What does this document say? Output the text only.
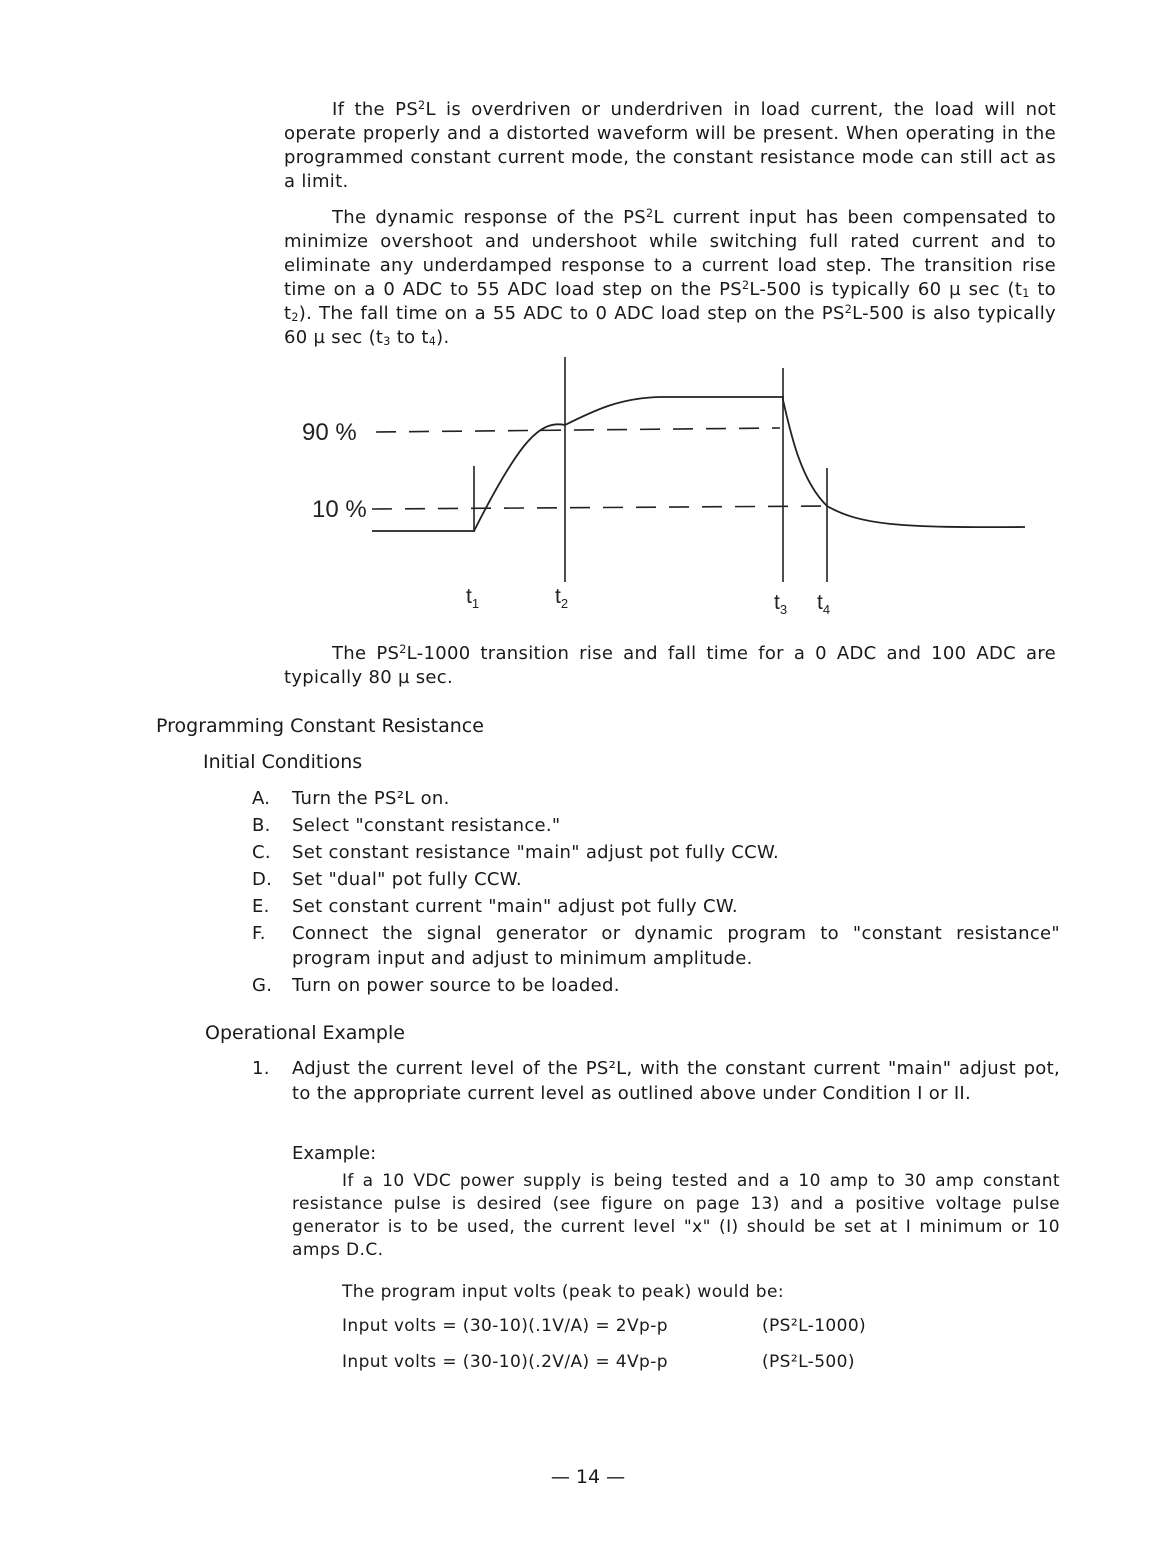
If the $PS^2L$ is overdriven or underdriven in load current, the load will not operate properly and a distorted waveform will be present. When operating in the programmed constant current mode, the constant resistance mode can still act as a limit.

The dynamic response of the $PS^2L$ current input has been compensated to minimize overshoot and undershoot while switching full rated current and to eliminate any underdamped response to a current load step. The transition rise time on a 0 ADC to 55 ADC load step on the $PS^2L-500$ is typically 60 µ $\sec (t_1$ to $t_2$). The fall time on a 55 ADC to 0 ADC load step on the $PS^2L-500$ is also typically 60 µ $\sec (t_3$ to $t_4$).

90 %
10 %
$t_1$	$t_2$	$t_3$ $t_4$

The $PS^2L-1000$ transition rise and fall time for a 0 ADC and 100 ADC are typically 80 µ sec.

Programming Constant Resistance
Initial Conditions
A.	Turn the PS²L on.
B.	Select "constant resistance."
C.	Set constant resistance "main" adjust pot fully CCW.
D.	Set "dual" pot fully CCW.
E.	Set constant current "main" adjust pot fully CW.
F.	Connect the signal generator or dynamic program to "constant resistance" program input and adjust to minimum amplitude.
G.	Turn on power source to be loaded.
Operational Example
1.	Adjust the current level of the PS²L, with the constant current "main" adjust pot, to the appropriate current level as outlined above under Condition I or II.
Example:

If a 10 VDC power supply is being tested and a 10 amp to 30 amp constant resistance pulse is desired (see figure on page 13) and a positive voltage pulse generator is to be used, the current level "x" (I) should be set at I minimum or 10 amps D.C.

The program input volts (peak to peak) would be:
Input volts = (30-10)(.1V/A) = 2Vp-p	(PS²L-1000)
Input volts = (30-10)(.2V/A) = 4Vp-p	(PS²L-500)
— 14 —
